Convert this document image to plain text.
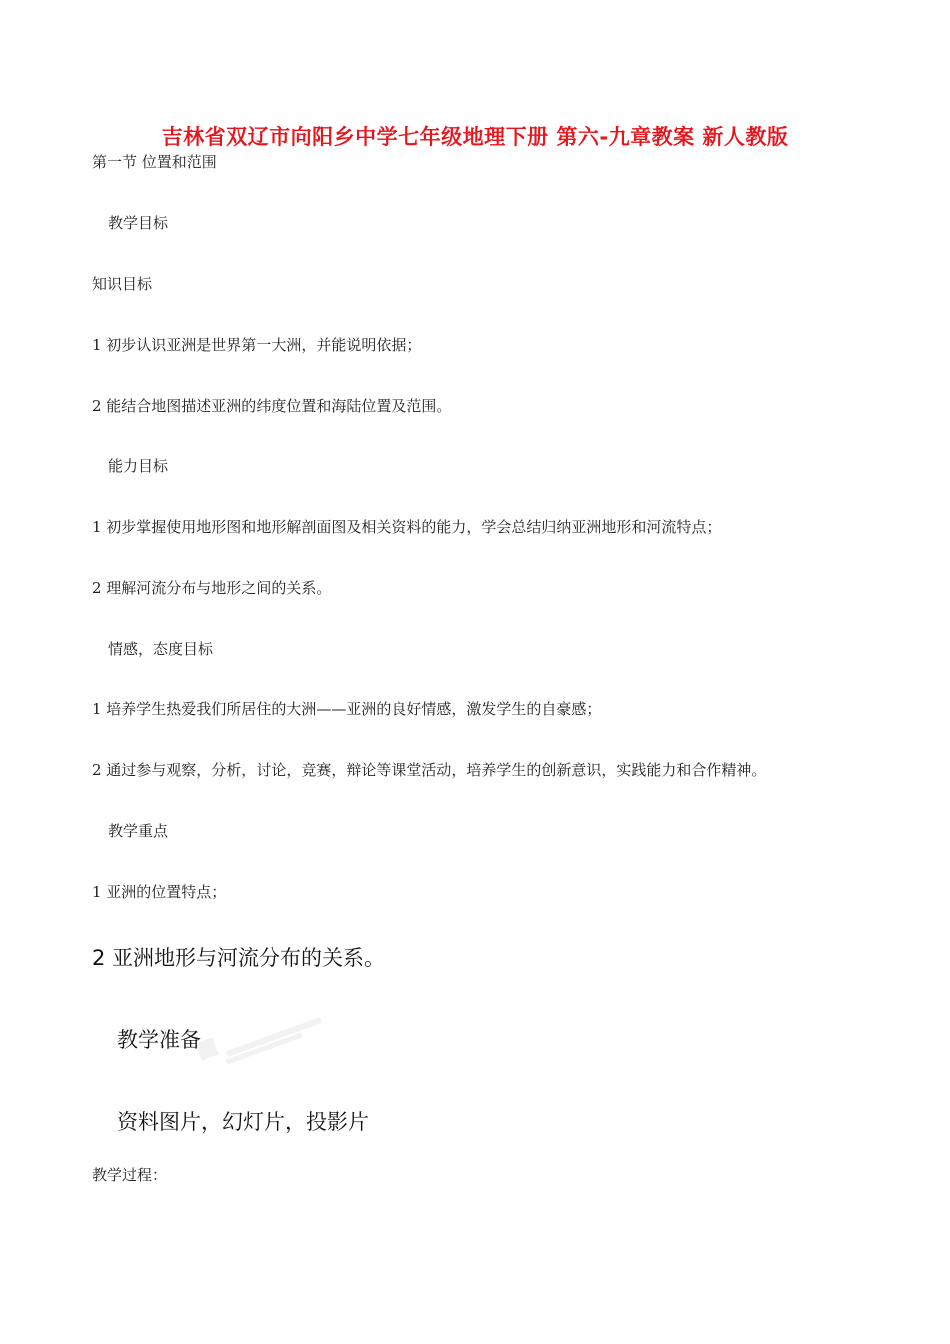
吉林省双辽市向阳乡中学七年级地理下册 第六-九章教案 新人教版
第一节 位置和范围
教学目标
知识目标
1 初步认识亚洲是世界第一大洲，并能说明依据；
2 能结合地图描述亚洲的纬度位置和海陆位置及范围。
能力目标
1 初步掌握使用地形图和地形解剖面图及相关资料的能力，学会总结归纳亚洲地形和河流特点；
2 理解河流分布与地形之间的关系。
情感，态度目标
1 培养学生热爱我们所居住的大洲——亚洲的良好情感，激发学生的自豪感；
2 通过参与观察，分析，讨论，竞赛，辩论等课堂活动，培养学生的创新意识，实践能力和合作精神。
教学重点
1 亚洲的位置特点；
2 亚洲地形与河流分布的关系。
教学准备
资料图片，幻灯片，投影片
教学过程：
